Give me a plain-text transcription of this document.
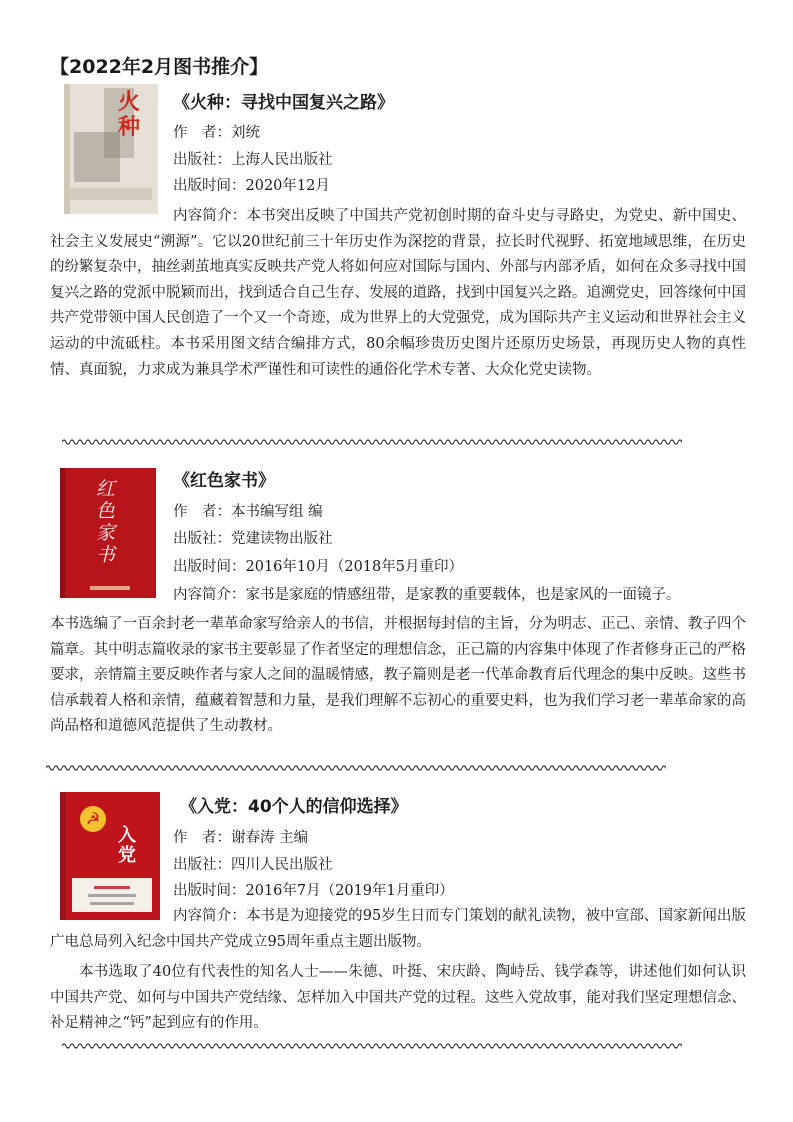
【2022年2月图书推介】
火种
《火种：寻找中国复兴之路》
作　者：刘统
出版社：上海人民出版社
出版时间：2020年12月

内容简介：本书突出反映了中国共产党初创时期的奋斗史与寻路史，为党史、新中国史、社会主义发展史“溯源”。它以20世纪前三十年历史作为深挖的背景，拉长时代视野、拓宽地域思维，在历史的纷繁复杂中，抽丝剥茧地真实反映共产党人将如何应对国际与国内、外部与内部矛盾，如何在众多寻找中国复兴之路的党派中脱颖而出，找到适合自己生存、发展的道路，找到中国复兴之路。追溯党史，回答缘何中国共产党带领中国人民创造了一个又一个奇迹，成为世界上的大党强党，成为国际共产主义运动和世界社会主义运动的中流砥柱。本书采用图文结合编排方式，80余幅珍贵历史图片还原历史场景，再现历史人物的真性情、真面貌，力求成为兼具学术严谨性和可读性的通俗化学术专著、大众化党史读物。

红色家书
《红色家书》
作　者：本书编写组 编
出版社：党建读物出版社
出版时间：2016年10月（2018年5月重印）

内容简介：家书是家庭的情感纽带，是家教的重要载体，也是家风的一面镜子。

本书选编了一百余封老一辈革命家写给亲人的书信，并根据每封信的主旨，分为明志、正己、亲情、教子四个篇章。其中明志篇收录的家书主要彰显了作者坚定的理想信念，正己篇的内容集中体现了作者修身正己的严格要求，亲情篇主要反映作者与家人之间的温暖情感，教子篇则是老一代革命教育后代理念的集中反映。这些书信承载着人格和亲情，蕴藏着智慧和力量，是我们理解不忘初心的重要史料，也为我们学习老一辈革命家的高尚品格和道德风范提供了生动教材。

☭
入党
《入党：40个人的信仰选择》
作　者：谢春涛 主编
出版社：四川人民出版社
出版时间：2016年7月（2019年1月重印）

内容简介：本书是为迎接党的95岁生日而专门策划的献礼读物，被中宣部、国家新闻出版广电总局列入纪念中国共产党成立95周年重点主题出版物。

本书选取了40位有代表性的知名人士——朱德、叶挺、宋庆龄、陶峙岳、钱学森等，讲述他们如何认识中国共产党、如何与中国共产党结缘、怎样加入中国共产党的过程。这些入党故事，能对我们坚定理想信念、补足精神之“钙”起到应有的作用。
